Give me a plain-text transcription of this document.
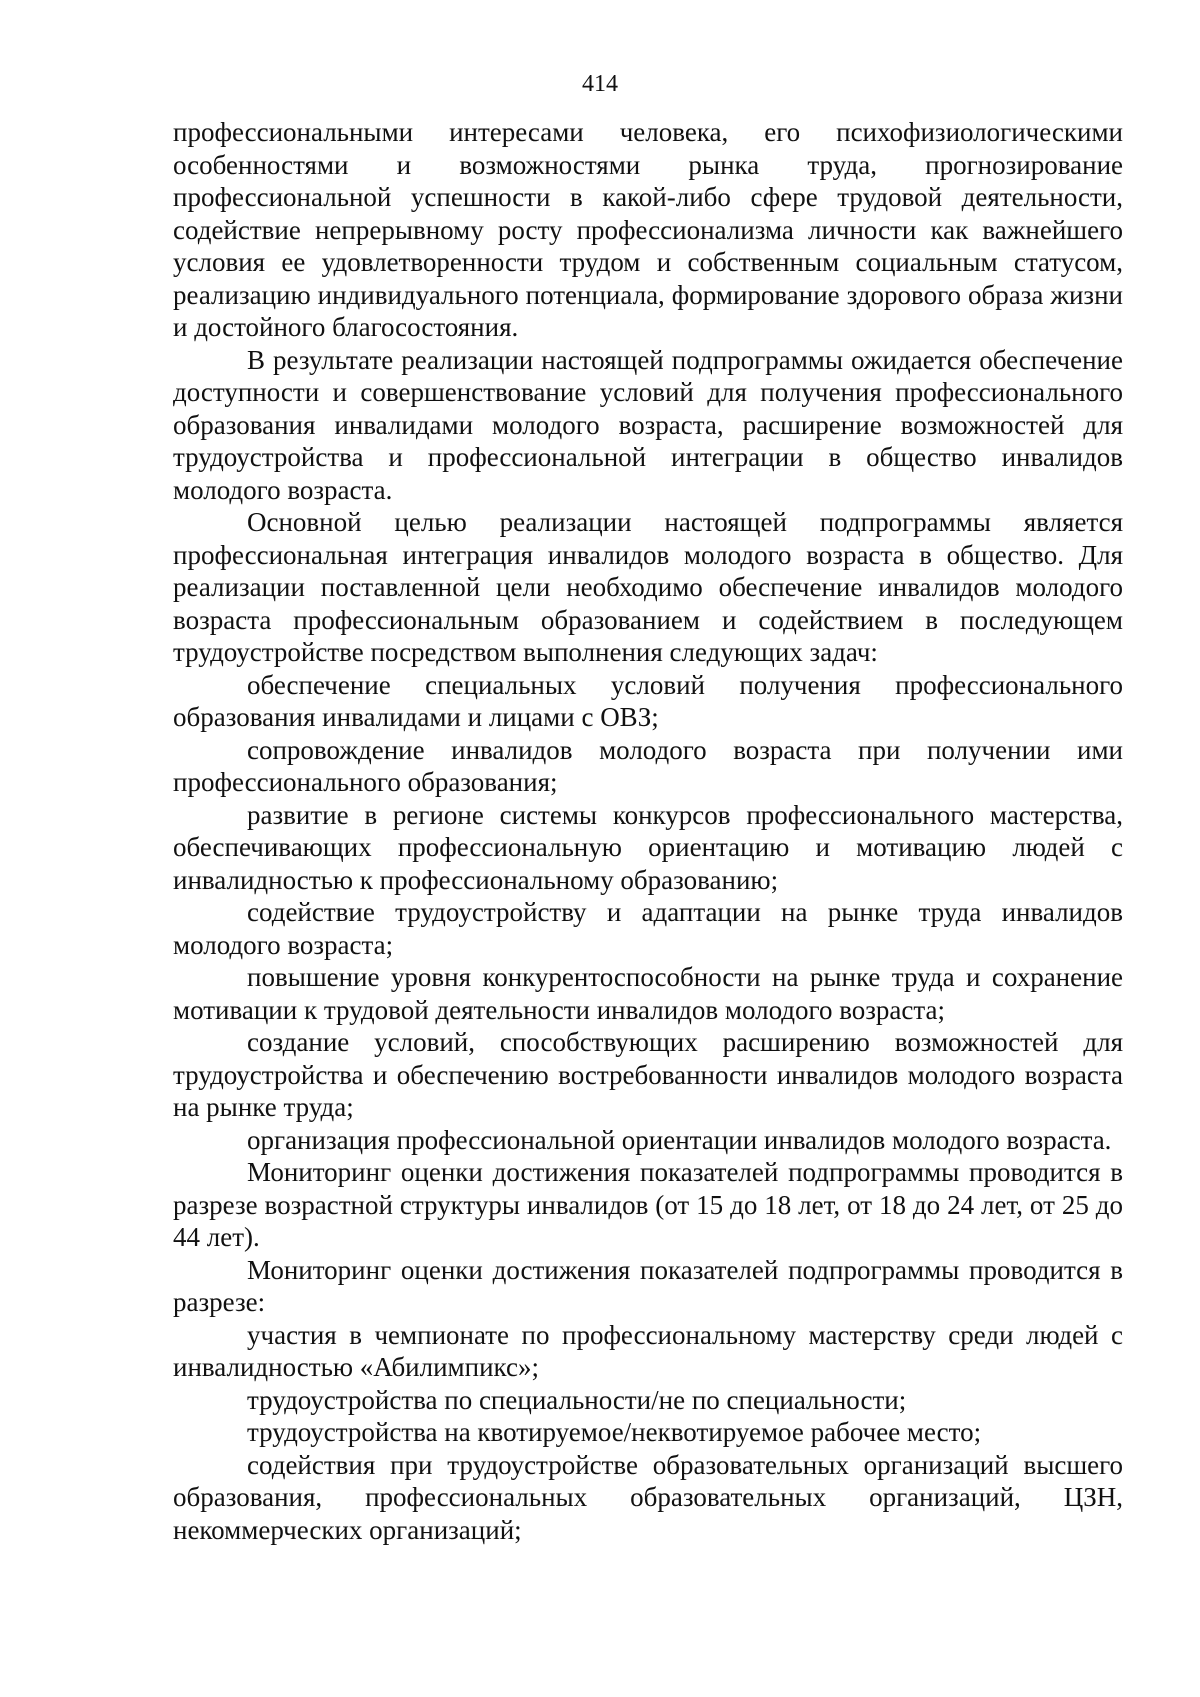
414

профессиональными интересами человека, его психофизиологическими особенностями и возможностями рынка труда, прогнозирование профессиональной успешности в какой-либо сфере трудовой деятельности, содействие непрерывному росту профессионализма личности как важнейшего условия ее удовлетворенности трудом и собственным социальным статусом, реализацию индивидуального потенциала, формирование здорового образа жизни и достойного благосостояния.

В результате реализации настоящей подпрограммы ожидается обеспечение доступности и совершенствование условий для получения профессионального образования инвалидами молодого возраста, расширение возможностей для трудоустройства и профессиональной интеграции в общество инвалидов молодого возраста.

Основной целью реализации настоящей подпрограммы является профессиональная интеграция инвалидов молодого возраста в общество. Для реализации поставленной цели необходимо обеспечение инвалидов молодого возраста профессиональным образованием и содействием в последующем трудоустройстве посредством выполнения следующих задач:

обеспечение специальных условий получения профессионального образования инвалидами и лицами с ОВЗ;

сопровождение инвалидов молодого возраста при получении ими профессионального образования;

развитие в регионе системы конкурсов профессионального мастерства, обеспечивающих профессиональную ориентацию и мотивацию людей с инвалидностью к профессиональному образованию;

содействие трудоустройству и адаптации на рынке труда инвалидов молодого возраста;

повышение уровня конкурентоспособности на рынке труда и сохранение мотивации к трудовой деятельности инвалидов молодого возраста;

создание условий, способствующих расширению возможностей для трудоустройства и обеспечению востребованности инвалидов молодого возраста на рынке труда;

организация профессиональной ориентации инвалидов молодого возраста.

Мониторинг оценки достижения показателей подпрограммы проводится в разрезе возрастной структуры инвалидов (от 15 до 18 лет, от 18 до 24 лет, от 25 до 44 лет).

Мониторинг оценки достижения показателей подпрограммы проводится в разрезе:

участия в чемпионате по профессиональному мастерству среди людей с инвалидностью «Абилимпикс»;

трудоустройства по специальности/не по специальности;

трудоустройства на квотируемое/неквотируемое рабочее место;

содействия при трудоустройстве образовательных организаций высшего образования, профессиональных образовательных организаций, ЦЗН, некоммерческих организаций;
